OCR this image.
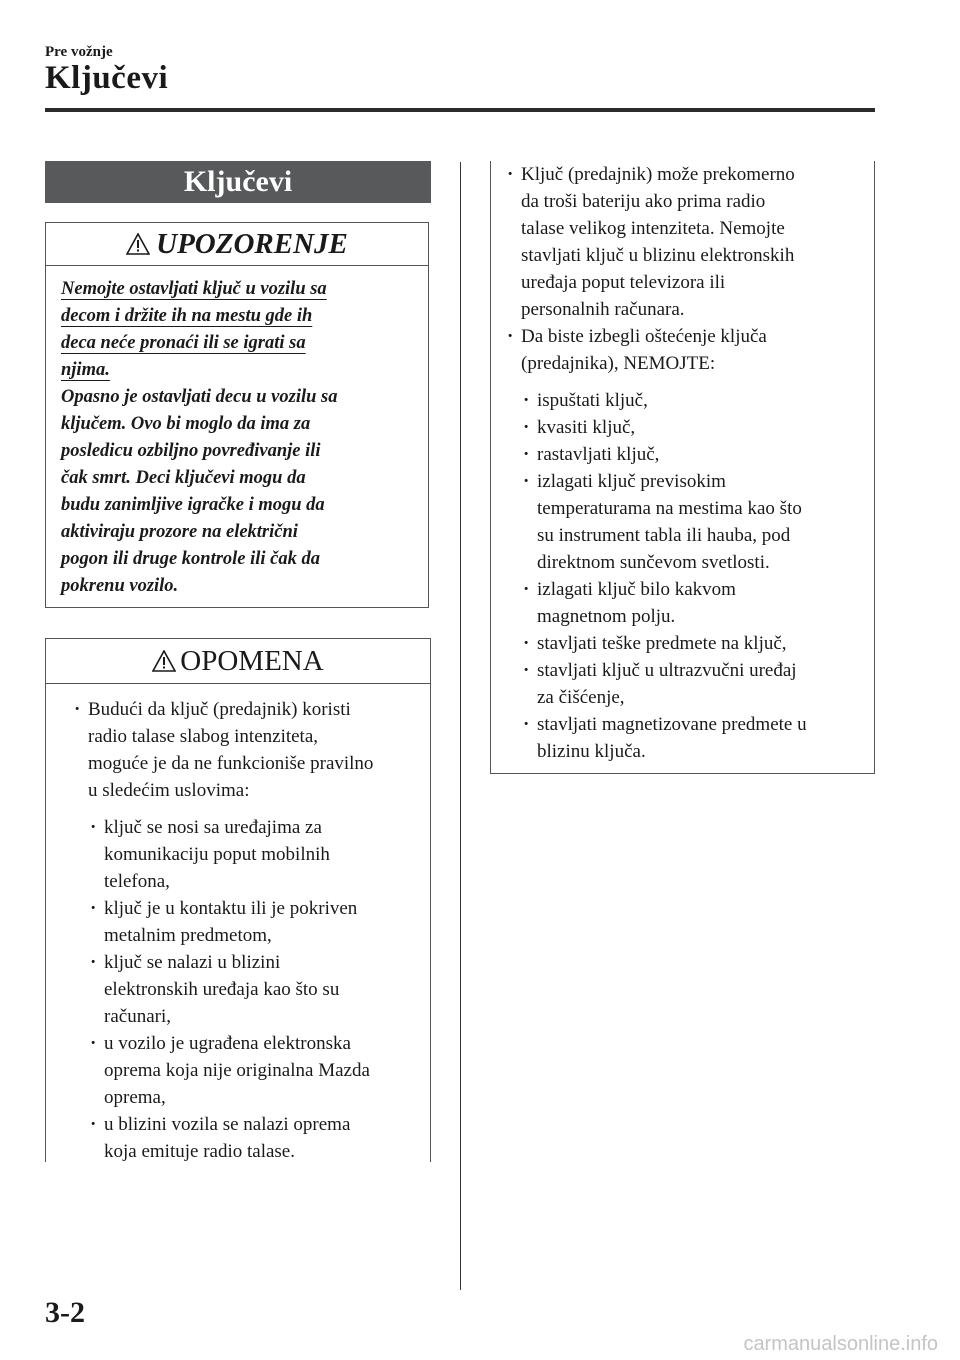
Pre vožnje
Ključevi
Ključevi
UPOZORENJE
Nemojte ostavljati ključ u vozilu sa
decom i držite ih na mestu gde ih
deca neće pronaći ili se igrati sa
njima.
Opasno je ostavljati decu u vozilu sa
ključem. Ovo bi moglo da ima za
posledicu ozbiljno povređivanje ili
čak smrt. Deci ključevi mogu da
budu zanimljive igračke i mogu da
aktiviraju prozore na električni
pogon ili druge kontrole ili čak da
pokrenu vozilo.
OPOMENA
· Budući da ključ (predajnik) koristi
radio talase slabog intenziteta,
moguće je da ne funkcioniše pravilno
u sledećim uslovima:
· ključ se nosi sa uređajima za
komunikaciju poput mobilnih
telefona,
· ključ je u kontaktu ili je pokriven
metalnim predmetom,
· ključ se nalazi u blizini
elektronskih uređaja kao što su
računari,
· u vozilo je ugrađena elektronska
oprema koja nije originalna Mazda
oprema,
· u blizini vozila se nalazi oprema
koja emituje radio talase.
· Ključ (predajnik) može prekomerno
da troši bateriju ako prima radio
talase velikog intenziteta. Nemojte
stavljati ključ u blizinu elektronskih
uređaja poput televizora ili
personalnih računara.
· Da biste izbegli oštećenje ključa
(predajnika), NEMOJTE:
· ispuštati ključ,
· kvasiti ključ,
· rastavljati ključ,
· izlagati ključ previsokim
temperaturama na mestima kao što
su instrument tabla ili hauba, pod
direktnom sunčevom svetlosti.
· izlagati ključ bilo kakvom
magnetnom polju.
· stavljati teške predmete na ključ,
· stavljati ključ u ultrazvučni uređaj
za čišćenje,
· stavljati magnetizovane predmete u
blizinu ključa.
3-2
carmanualsonline.info
